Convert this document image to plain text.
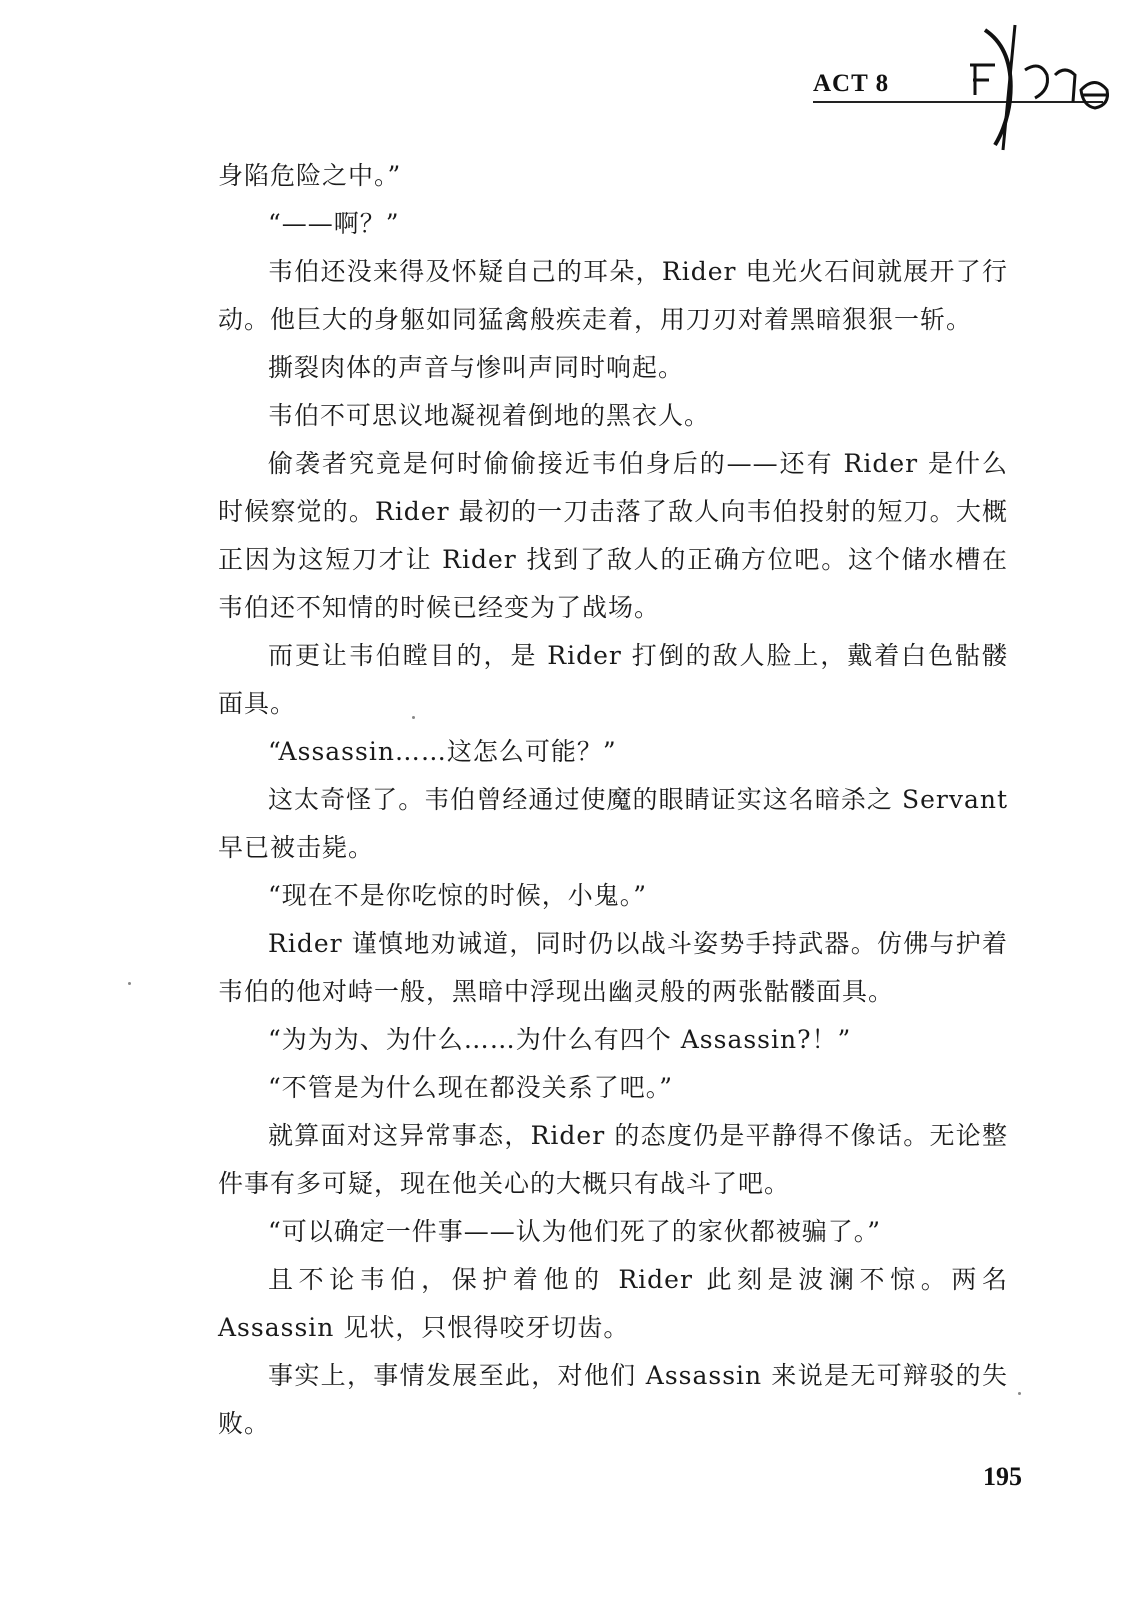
ACT 8

身陷危险之中。”

“——啊？”

韦伯还没来得及怀疑自己的耳朵，Rider 电光火石间就展开了行动。他巨大的身躯如同猛禽般疾走着，用刀刃对着黑暗狠狠一斩。

撕裂肉体的声音与惨叫声同时响起。

韦伯不可思议地凝视着倒地的黑衣人。

偷袭者究竟是何时偷偷接近韦伯身后的——还有 Rider 是什么时候察觉的。Rider 最初的一刀击落了敌人向韦伯投射的短刀。大概正因为这短刀才让 Rider 找到了敌人的正确方位吧。这个储水槽在韦伯还不知情的时候已经变为了战场。

而更让韦伯瞠目的，是 Rider 打倒的敌人脸上，戴着白色骷髅面具。

“Assassin……这怎么可能？”

这太奇怪了。韦伯曾经通过使魔的眼睛证实这名暗杀之 Servant 早已被击毙。

“现在不是你吃惊的时候，小鬼。”

Rider 谨慎地劝诫道，同时仍以战斗姿势手持武器。仿佛与护着韦伯的他对峙一般，黑暗中浮现出幽灵般的两张骷髅面具。

“为为为、为什么……为什么有四个 Assassin?！”

“不管是为什么现在都没关系了吧。”

就算面对这异常事态，Rider 的态度仍是平静得不像话。无论整件事有多可疑，现在他关心的大概只有战斗了吧。

“可以确定一件事——认为他们死了的家伙都被骗了。”

且不论韦伯，保护着他的 Rider 此刻是波澜不惊。两名Assassin 见状，只恨得咬牙切齿。

事实上，事情发展至此，对他们 Assassin 来说是无可辩驳的失败。

195
